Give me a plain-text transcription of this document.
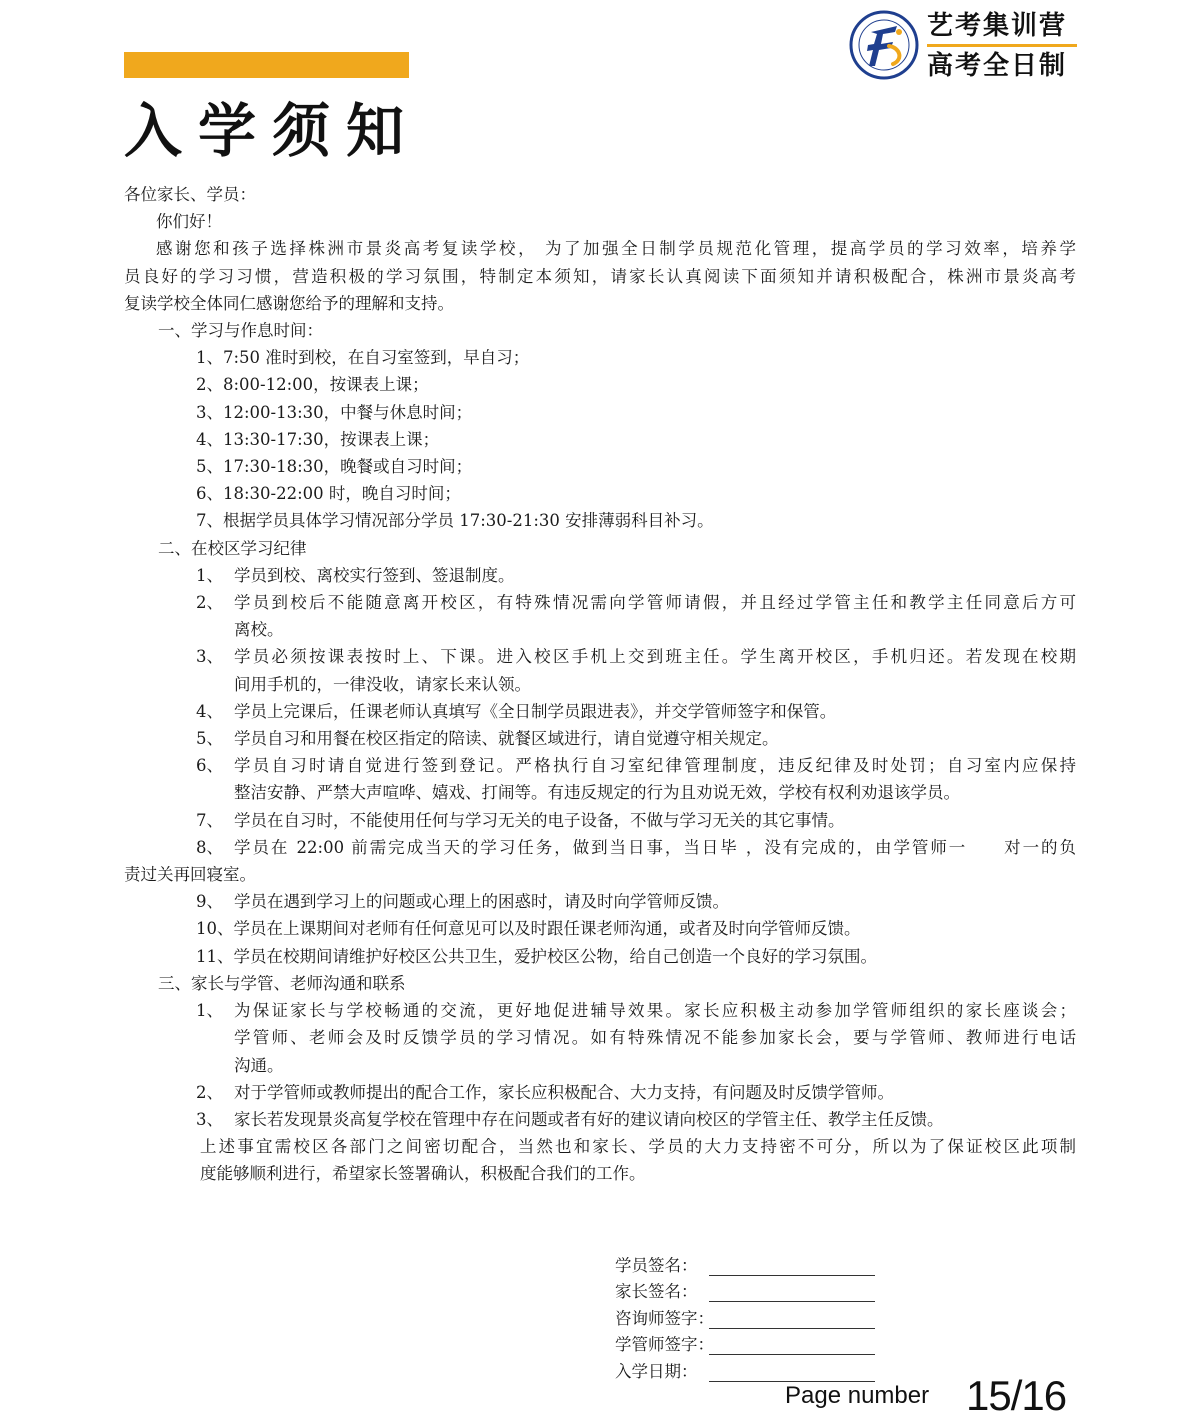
艺考集训营
高考全日制
入学须知

各位家长、学员：

你们好！

感谢您和孩子选择株洲市景炎高考复读学校， 为了加强全日制学员规范化管理，提高学员的学习效率，培养学

员良好的学习习惯，营造积极的学习氛围，特制定本须知，请家长认真阅读下面须知并请积极配合，株洲市景炎高考

复读学校全体同仁感谢您给予的理解和支持。

一、学习与作息时间：

1、7:50 准时到校，在自习室签到，早自习；

2、8:00-12:00，按课表上课；

3、12:00-13:30，中餐与休息时间；

4、13:30-17:30，按课表上课；

5、17:30-18:30，晚餐或自习时间；

6、18:30-22:00 时，晚自习时间；

7、根据学员具体学习情况部分学员 17:30-21:30 安排薄弱科目补习。

二、在校区学习纪律

1、 学员到校、离校实行签到、签退制度。
2、 学员到校后不能随意离开校区，有特殊情况需向学管师请假，并且经过学管主任和教学主任同意后方可

离校。

3、 学员必须按课表按时上、下课。进入校区手机上交到班主任。学生离开校区，手机归还。若发现在校期

间用手机的，一律没收，请家长来认领。

4、 学员上完课后，任课老师认真填写《全日制学员跟进表》，并交学管师签字和保管。
5、 学员自习和用餐在校区指定的陪读、就餐区域进行，请自觉遵守相关规定。
6、 学员自习时请自觉进行签到登记。严格执行自习室纪律管理制度，违反纪律及时处罚；自习室内应保持

整洁安静、严禁大声喧哗、嬉戏、打闹等。有违反规定的行为且劝说无效，学校有权利劝退该学员。

7、 学员在自习时，不能使用任何与学习无关的电子设备，不做与学习无关的其它事情。
8、 学员在 22:00 前需完成当天的学习任务，做到当日事，当日毕 ，没有完成的，由学管师一　　对一的负

责过关再回寝室。

9、 学员在遇到学习上的问题或心理上的困惑时，请及时向学管师反馈。

10、学员在上课期间对老师有任何意见可以及时跟任课老师沟通，或者及时向学管师反馈。

11、学员在校期间请维护好校区公共卫生，爱护校区公物，给自己创造一个良好的学习氛围。

三、家长与学管、老师沟通和联系

1、 为保证家长与学校畅通的交流，更好地促进辅导效果。家长应积极主动参加学管师组织的家长座谈会；

学管师、老师会及时反馈学员的学习情况。如有特殊情况不能参加家长会，要与学管师、教师进行电话

沟通。

2、 对于学管师或教师提出的配合工作，家长应积极配合、大力支持，有问题及时反馈学管师。
3、 家长若发现景炎高复学校在管理中存在问题或者有好的建议请向校区的学管主任、教学主任反馈。

上述事宜需校区各部门之间密切配合，当然也和家长、学员的大力支持密不可分，所以为了保证校区此项制

度能够顺利进行，希望家长签署确认，积极配合我们的工作。

学员签名：
家长签名：
咨询师签字：
学管师签字：
入学日期：
Page number 15/16
